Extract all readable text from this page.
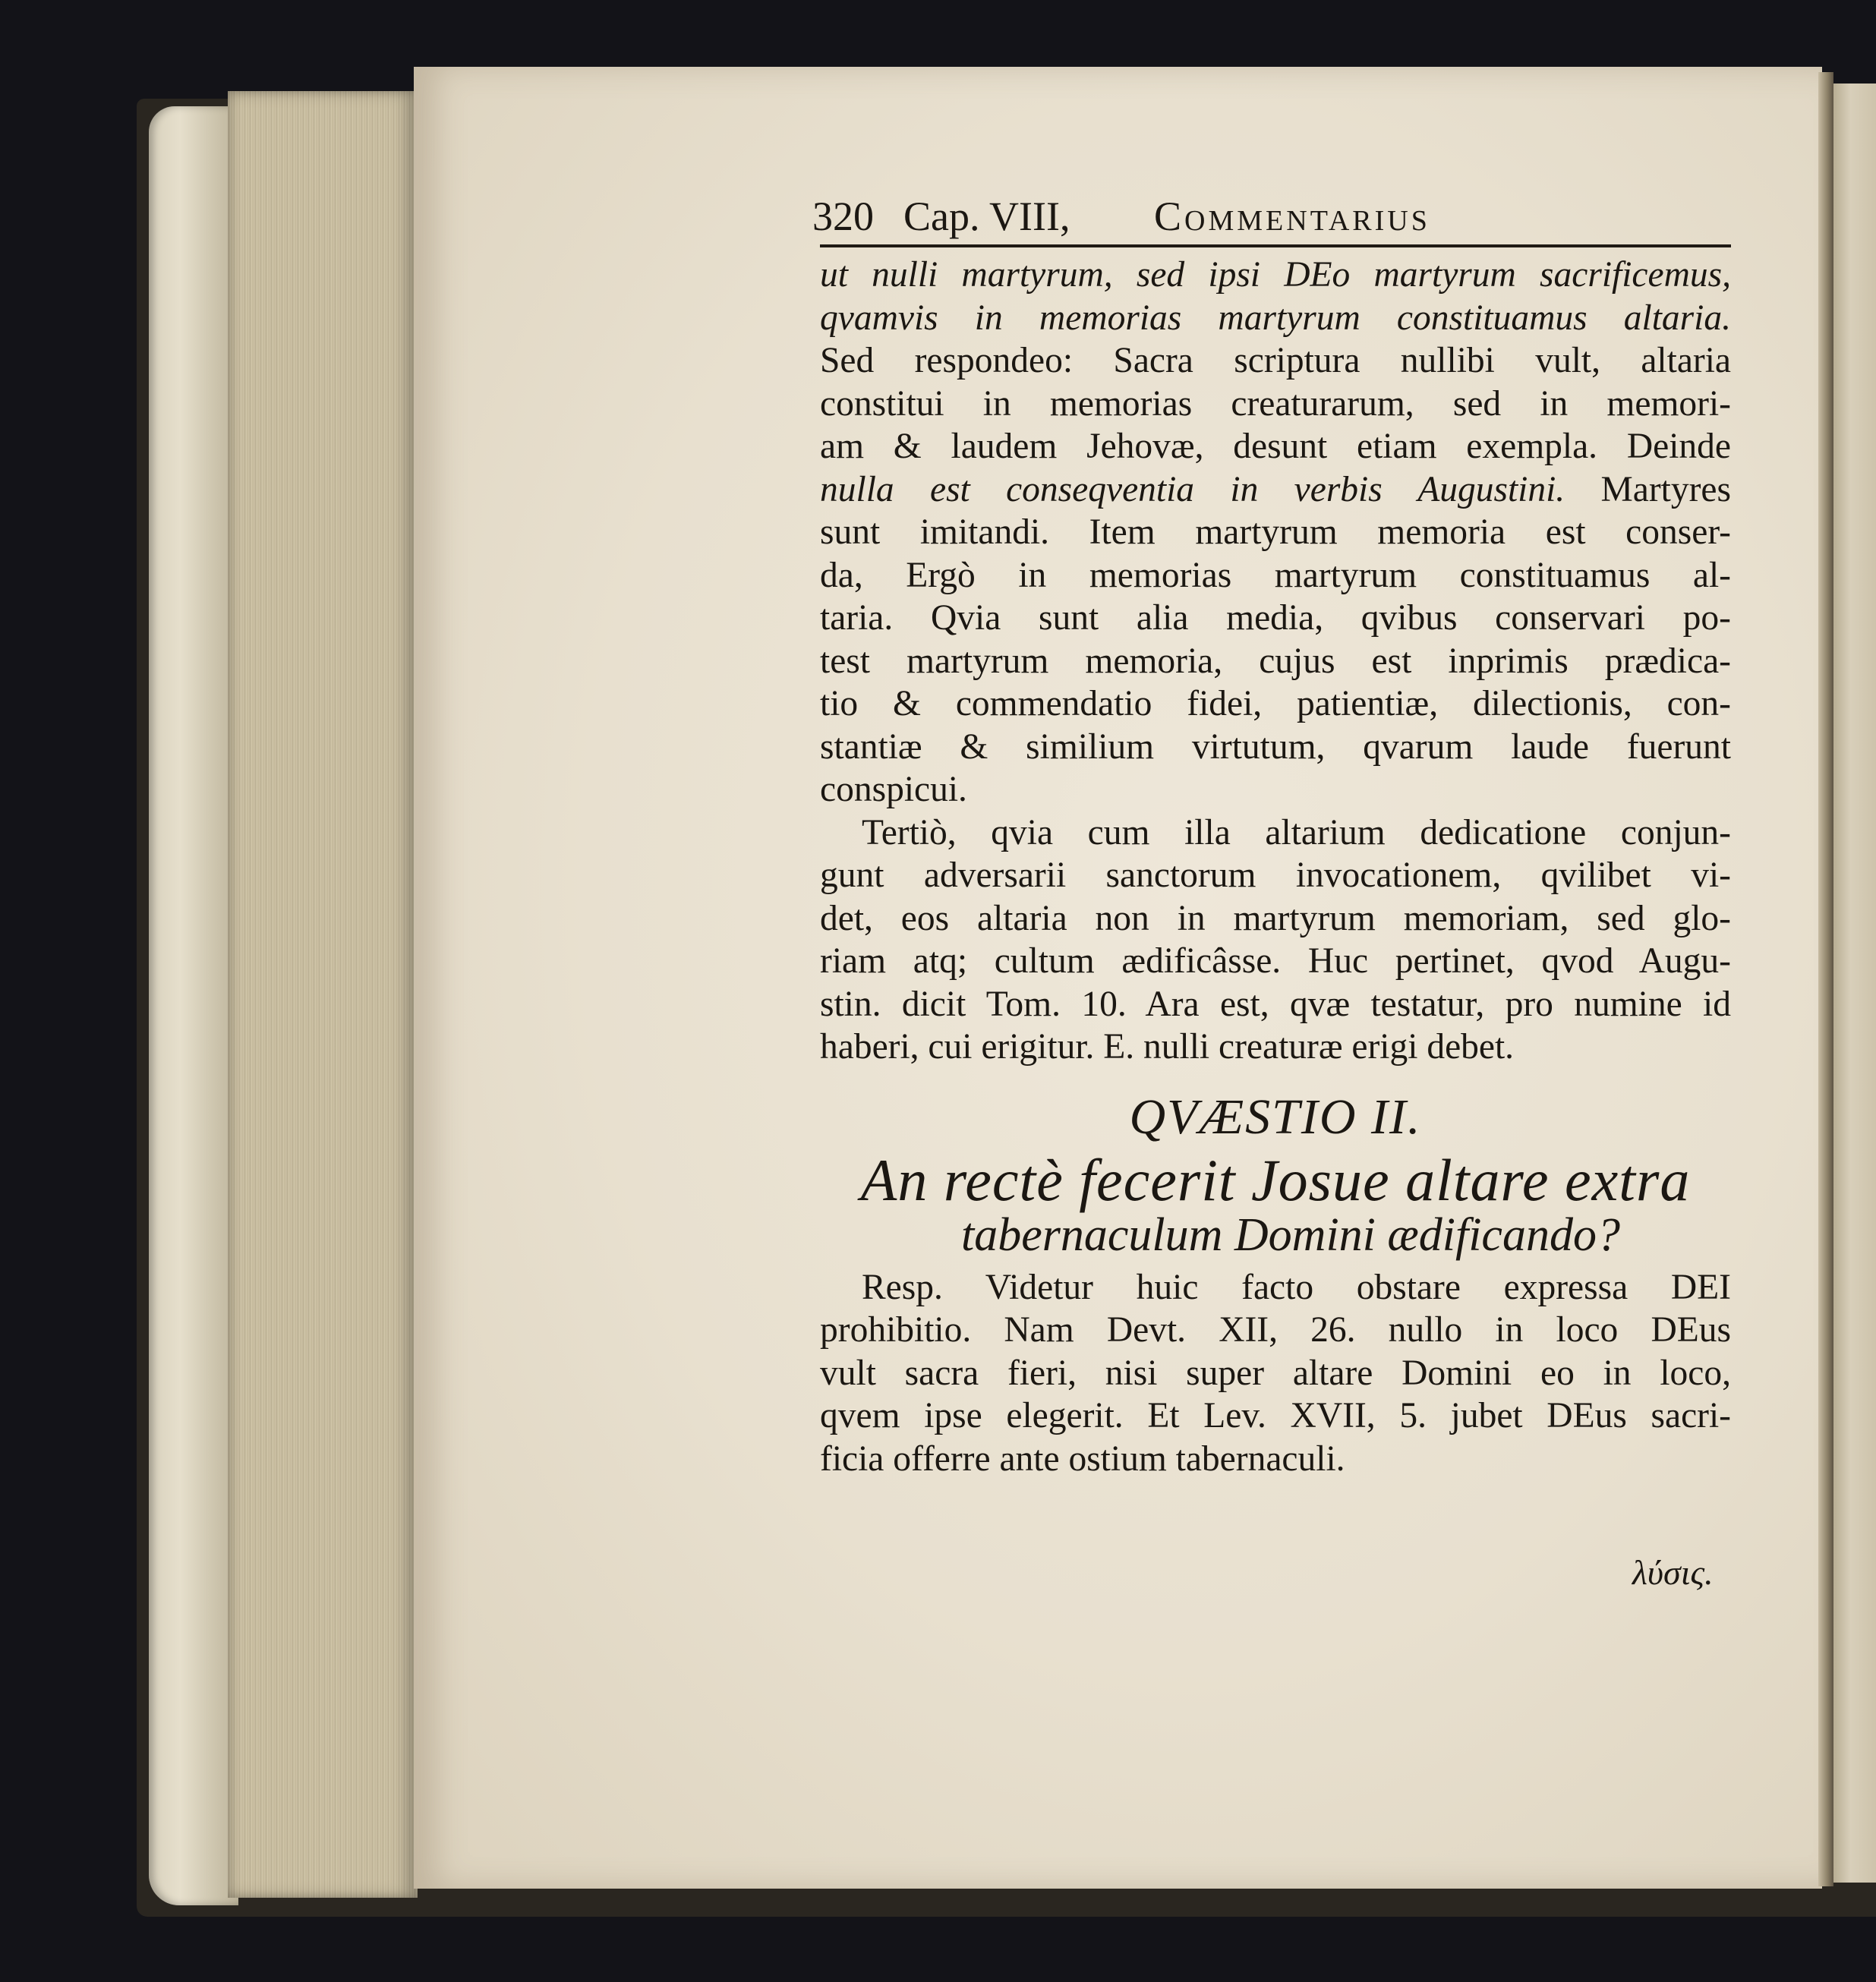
320 Cap. VIII, Commentarius
ut nulli martyrum, sed ipsi DEo martyrum sacrificemus,
qvamvis in memorias martyrum constituamus altaria.
Sed respondeo: Sacra scriptura nullibi vult, altaria
constitui in memorias creaturarum, sed in memori-
am & laudem Jehovæ, desunt etiam exempla. Deinde
nulla est conseqventia in verbis Augustini. Martyres
sunt imitandi. Item martyrum memoria est conser-
da, Ergò in memorias martyrum constituamus al-
taria. Qvia sunt alia media, qvibus conservari po-
test martyrum memoria, cujus est inprimis prædica-
tio & commendatio fidei, patientiæ, dilectionis, con-
stantiæ & similium virtutum, qvarum laude fuerunt
conspicui.
Tertiò, qvia cum illa altarium dedicatione conjun-
gunt adversarii sanctorum invocationem, qvilibet vi-
det, eos altaria non in martyrum memoriam, sed glo-
riam atq; cultum ædificâsse. Huc pertinet, qvod Augu-
stin. dicit Tom. 10. Ara est, qvæ testatur, pro numine id
haberi, cui erigitur. E. nulli creaturæ erigi debet.
QVÆSTIO II.
An rectè fecerit Josue altare extra
tabernaculum Domini ædificando?
Resp. Videtur huic facto obstare expressa DEI
prohibitio. Nam Devt. XII, 26. nullo in loco DEus
vult sacra fieri, nisi super altare Domini eo in loco,
qvem ipse elegerit. Et Lev. XVII, 5. jubet DEus sacri-
ficia offerre ante ostium tabernaculi.
λύσις.
